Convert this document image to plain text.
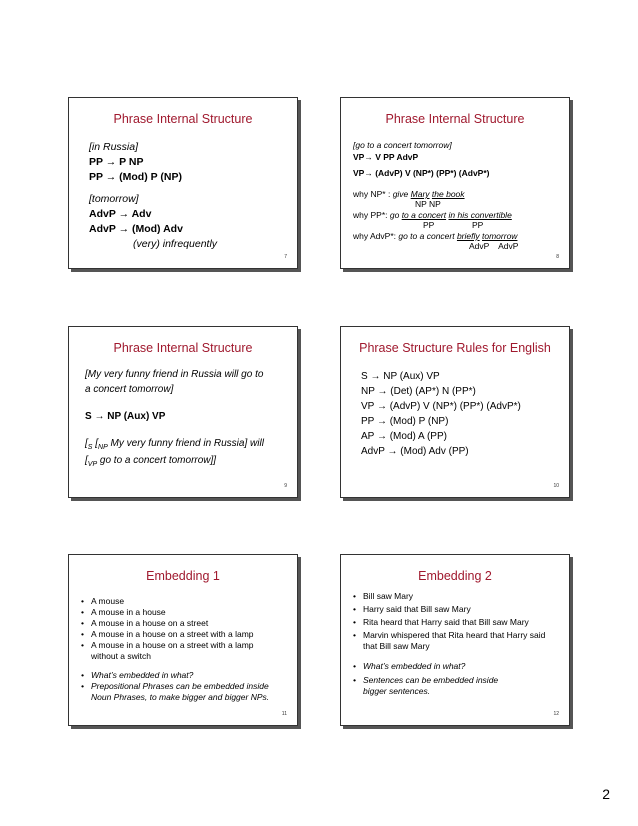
Phrase Internal Structure
[in Russia]
PP → P NP
PP → (Mod) P (NP)
[tomorrow]
AdvP → Adv
AdvP → (Mod) Adv
(very) infrequently
7
Phrase Internal Structure
[go to a concert tomorrow]
VP→ V PP AdvP
VP→ (AdvP) V (NP*) (PP*) (AdvP*)
why NP* : give Mary the book
NP NP
why PP*: go to a concert in his convertible
PP                PP
why AdvP*: go to a concert briefly tomorrow
AdvP    AdvP
8
Phrase Internal Structure
[My very funny friend in Russia will go to
a concert tomorrow]
S → NP (Aux) VP
[$_S$ [$_{NP}$ My very funny friend in Russia] will
[$_{VP}$ go to a concert tomorrow]]
9
Phrase Structure Rules for English
S → NP (Aux) VP
NP → (Det) (AP*) N (PP*)
VP → (AdvP) V (NP*) (PP*) (AdvP*)
PP → (Mod) P (NP)
AP → (Mod) A (PP)
AdvP → (Mod) Adv (PP)
10
Embedding 1
• A mouse
• A mouse in a house
• A mouse in a house on a street
• A mouse in a house on a street with a lamp
• A mouse in a house on a street with a lamp without a switch
• What’s embedded in what?
• Prepositional Phrases can be embedded inside Noun Phrases, to make bigger and bigger NPs.
11
Embedding 2
• Bill saw Mary
• Harry said that Bill saw Mary
• Rita heard that Harry said that Bill saw Mary
• Marvin whispered that Rita heard that Harry said that Bill saw Mary
• What’s embedded in what?
• Sentences can be embedded inside bigger sentences.
12
2
